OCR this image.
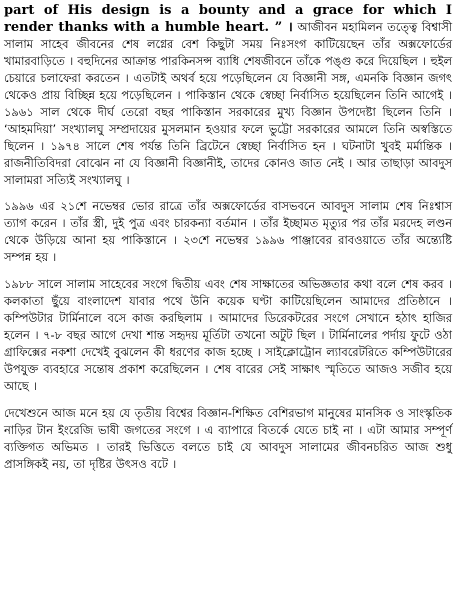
part of His design is a bounty and a grace for which I render thanks with a humble heart. ” । আজীবন মহামিলন তত্ত্বে বিশ্বাসী সালাম সাহেব জীবনের শেষ লগ্নের বেশ কিছুটা সময় নিঃসংগ কাটিয়েছেন তাঁর অক্সফোর্ডের খামারবাড়িতে । বহুদিনের আক্রান্ত পারকিনসন্স ব্যাধি শেষজীবনে তাঁকে পঙ্গু করে দিয়েছিল । হুইল চেয়ারে চলাফেরা করতেন । এতটাই অথর্ব হয়ে পড়েছিলেন যে বিজ্ঞানী সঙ্গ, এমনকি বিজ্ঞান জগৎ থেকেও প্রায় বিচ্ছিন্ন হয়ে পড়েছিলেন । পাকিস্তান থেকে স্বেচ্ছা নির্বাসিত হয়েছিলেন তিনি আগেই । ১৯৬১ সাল থেকে দীর্ঘ তেরো বছর পাকিস্তান সরকারের মুখ্য বিজ্ঞান উপদেষ্টা ছিলেন তিনি । ‘আহমদিয়া’ সংখ্যালঘু সম্প্রদায়ের মুসলমান হওয়ার ফলে ভুট্টো সরকারের আমলে তিনি অস্বস্তিতে ছিলেন । ১৯৭৪ সালে শেষ পর্যন্ত তিনি ব্রিটেনে স্বেচ্ছা নির্বাসিত হন । ঘটনাটা খুবই মর্মান্তিক । রাজনীতিবিদরা বোঝেন না যে বিজ্ঞানী বিজ্ঞানীই, তাদের কোনও জাত নেই । আর তাছাড়া আবদুস সালামরা সত্যিই সংখ্যালঘু ।

১৯৯৬ এর ২১শে নভেম্বর ভোর রাত্রে তাঁর অক্সফোর্ডের বাসভবনে আবদুস সালাম শেষ নিঃশ্বাস ত্যাগ করেন । তাঁর স্ত্রী, দুই পুত্র এবং চারকন্যা বর্তমান । তাঁর ইচ্ছামত মৃত্যুর পর তাঁর মরদেহ লণ্ডন থেকে উড়িয়ে আনা হয় পাকিস্তানে । ২৩শে নভেম্বর ১৯৯৬ পাঞ্জাবের রাবওয়াতে তাঁর অন্ত্যেষ্টি সম্পন্ন হয় ।

১৯৮৮ সালে সালাম সাহেবের সংগে দ্বিতীয় এবং শেষ সাক্ষাতের অভিজ্ঞতার কথা বলে শেষ করব । কলকাতা ছুঁয়ে বাংলাদেশ যাবার পথে উনি কয়েক ঘণ্টা কাটিয়েছিলেন আমাদের প্রতিষ্ঠানে । কম্পিউটার টার্মিনালে বসে কাজ করছিলাম । আমাদের ডিরেকটরের সংগে সেখানে হঠাৎ হাজির হলেন । ৭-৮ বছর আগে দেখা শান্ত সহৃদয় মূর্তিটা তখনো অটুট ছিল । টার্মিনালের পর্দায় ফুটে ওঠা গ্রাফিক্সের নকশা দেখেই বুঝলেন কী ধরণের কাজ হচ্ছে । সাইক্লোট্রোন ল্যাবরেটরিতে কম্পিউটারের উপযুক্ত ব্যবহারে সন্তোষ প্রকাশ করেছিলেন । শেষ বারের সেই সাক্ষাৎ স্মৃতিতে আজও সজীব হয়ে আছে ।

দেখেশুনে আজ মনে হয় যে তৃতীয় বিশ্বের বিজ্ঞান-শিক্ষিত বেশিরভাগ মানুষের মানসিক ও সাংস্কৃতিক নাড়ির টান ইংরেজি ভাষী জগতের সংগে । এ ব্যাপারে বিতর্কে যেতে চাই না । এটা আমার সম্পূর্ণ ব্যক্তিগত অভিমত । তারই ভিত্তিতে বলতে চাই যে আবদুস সালামের জীবনচরিত আজ শুধু প্রাসঙ্গিকই নয়, তা দৃষ্টির উৎসও বটে ।
